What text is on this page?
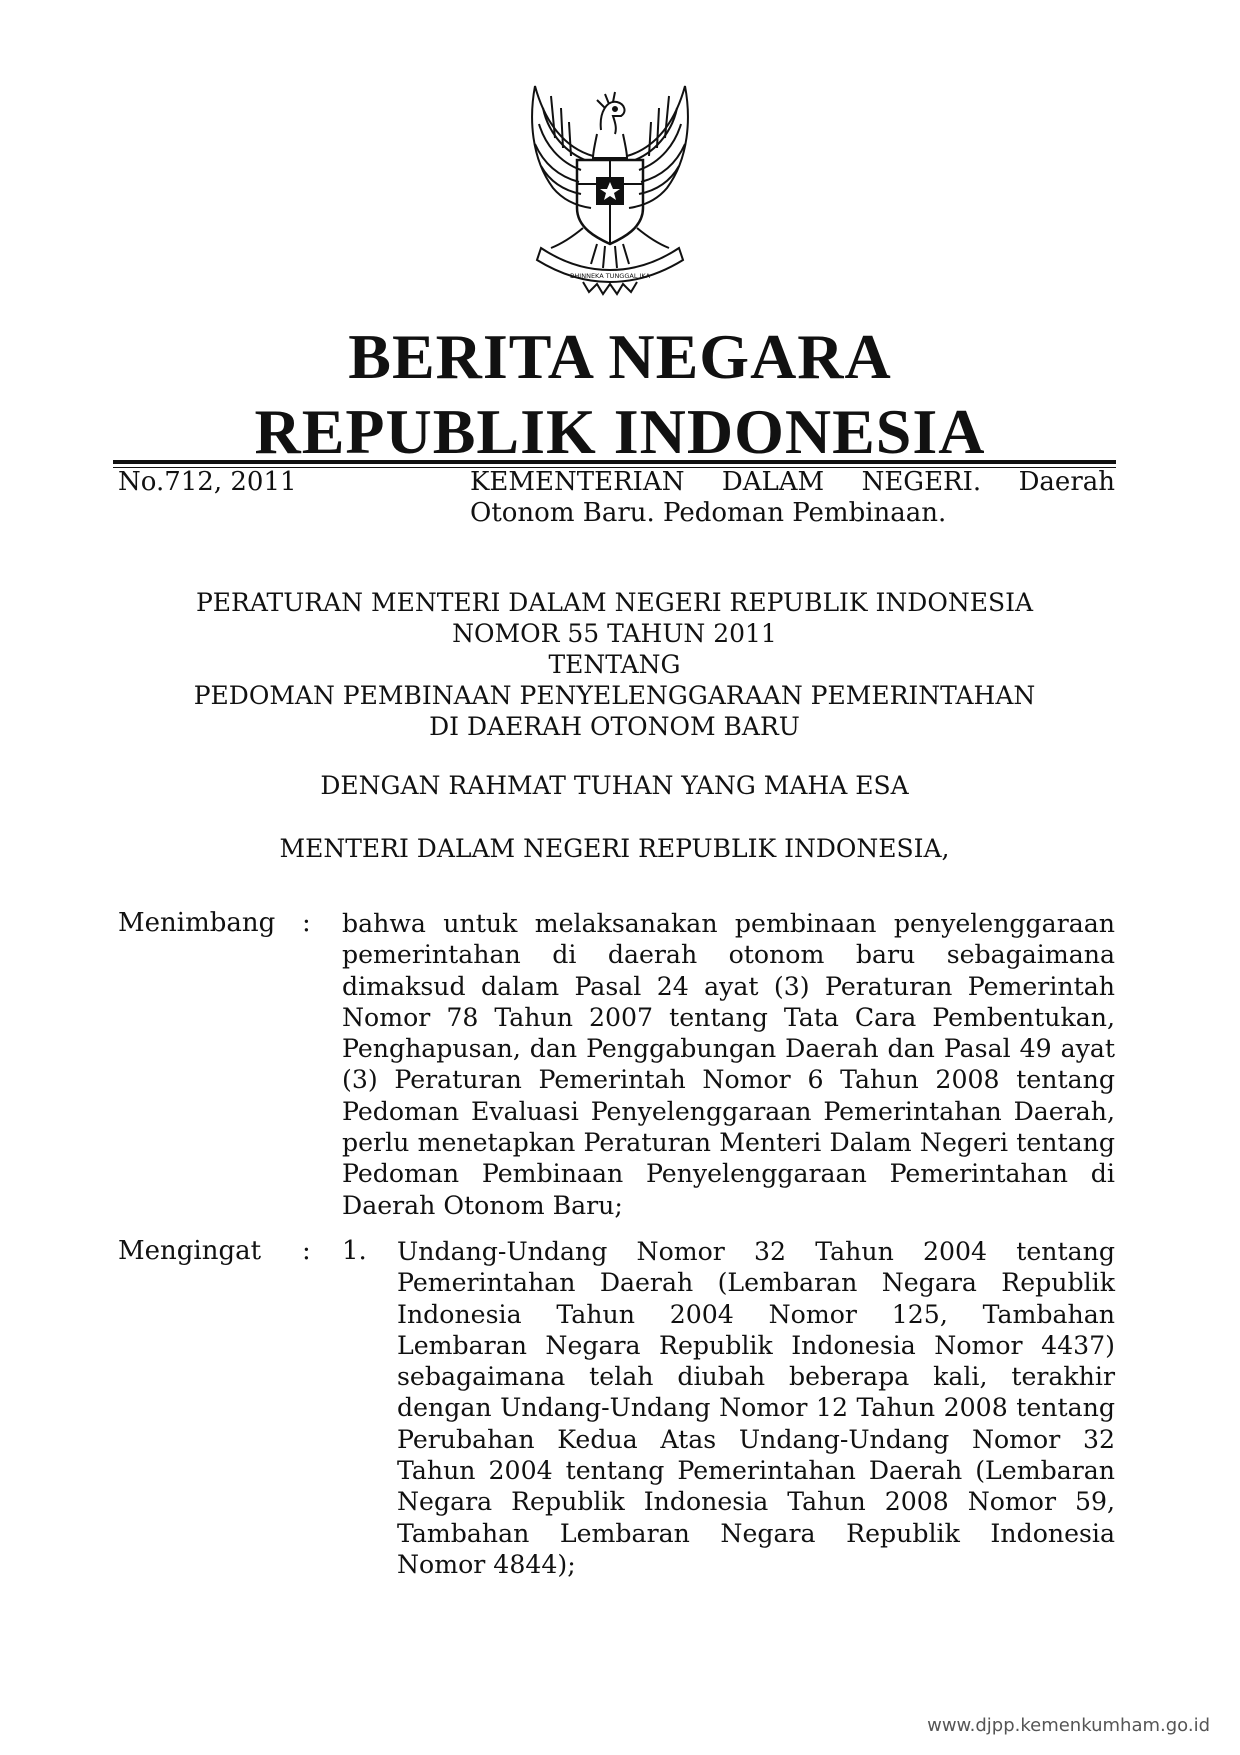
BHINNEKA TUNGGAL IKA
BERITA NEGARA
REPUBLIK INDONESIA
No.712, 2011	KEMENTERIAN DALAM NEGERI. Daerah Otonom Baru. Pedoman Pembinaan.
PERATURAN MENTERI DALAM NEGERI REPUBLIK INDONESIA
NOMOR 55 TAHUN 2011
TENTANG
PEDOMAN PEMBINAAN PENYELENGGARAAN PEMERINTAHAN
DI DAERAH OTONOM BARU
DENGAN RAHMAT TUHAN YANG MAHA ESA
MENTERI DALAM NEGERI REPUBLIK INDONESIA,
Menimbang : bahwa untuk melaksanakan pembinaan penyelenggaraan pemerintahan di daerah otonom baru sebagaimana dimaksud dalam Pasal 24 ayat (3) Peraturan Pemerintah Nomor 78 Tahun 2007 tentang Tata Cara Pembentukan, Penghapusan, dan Penggabungan Daerah dan Pasal 49 ayat (3) Peraturan Pemerintah Nomor 6 Tahun 2008 tentang Pedoman Evaluasi Penyelenggaraan Pemerintahan Daerah, perlu menetapkan Peraturan Menteri Dalam Negeri tentang Pedoman Pembinaan Penyelenggaraan Pemerintahan di Daerah Otonom Baru;
Mengingat : 1. Undang-Undang Nomor 32 Tahun 2004 tentang Pemerintahan Daerah (Lembaran Negara Republik Indonesia Tahun 2004 Nomor 125, Tambahan Lembaran Negara Republik Indonesia Nomor 4437) sebagaimana telah diubah beberapa kali, terakhir dengan Undang-Undang Nomor 12 Tahun 2008 tentang Perubahan Kedua Atas Undang-Undang Nomor 32 Tahun 2004 tentang Pemerintahan Daerah (Lembaran Negara Republik Indonesia Tahun 2008 Nomor 59, Tambahan Lembaran Negara Republik Indonesia Nomor 4844);
www.djpp.kemenkumham.go.id
